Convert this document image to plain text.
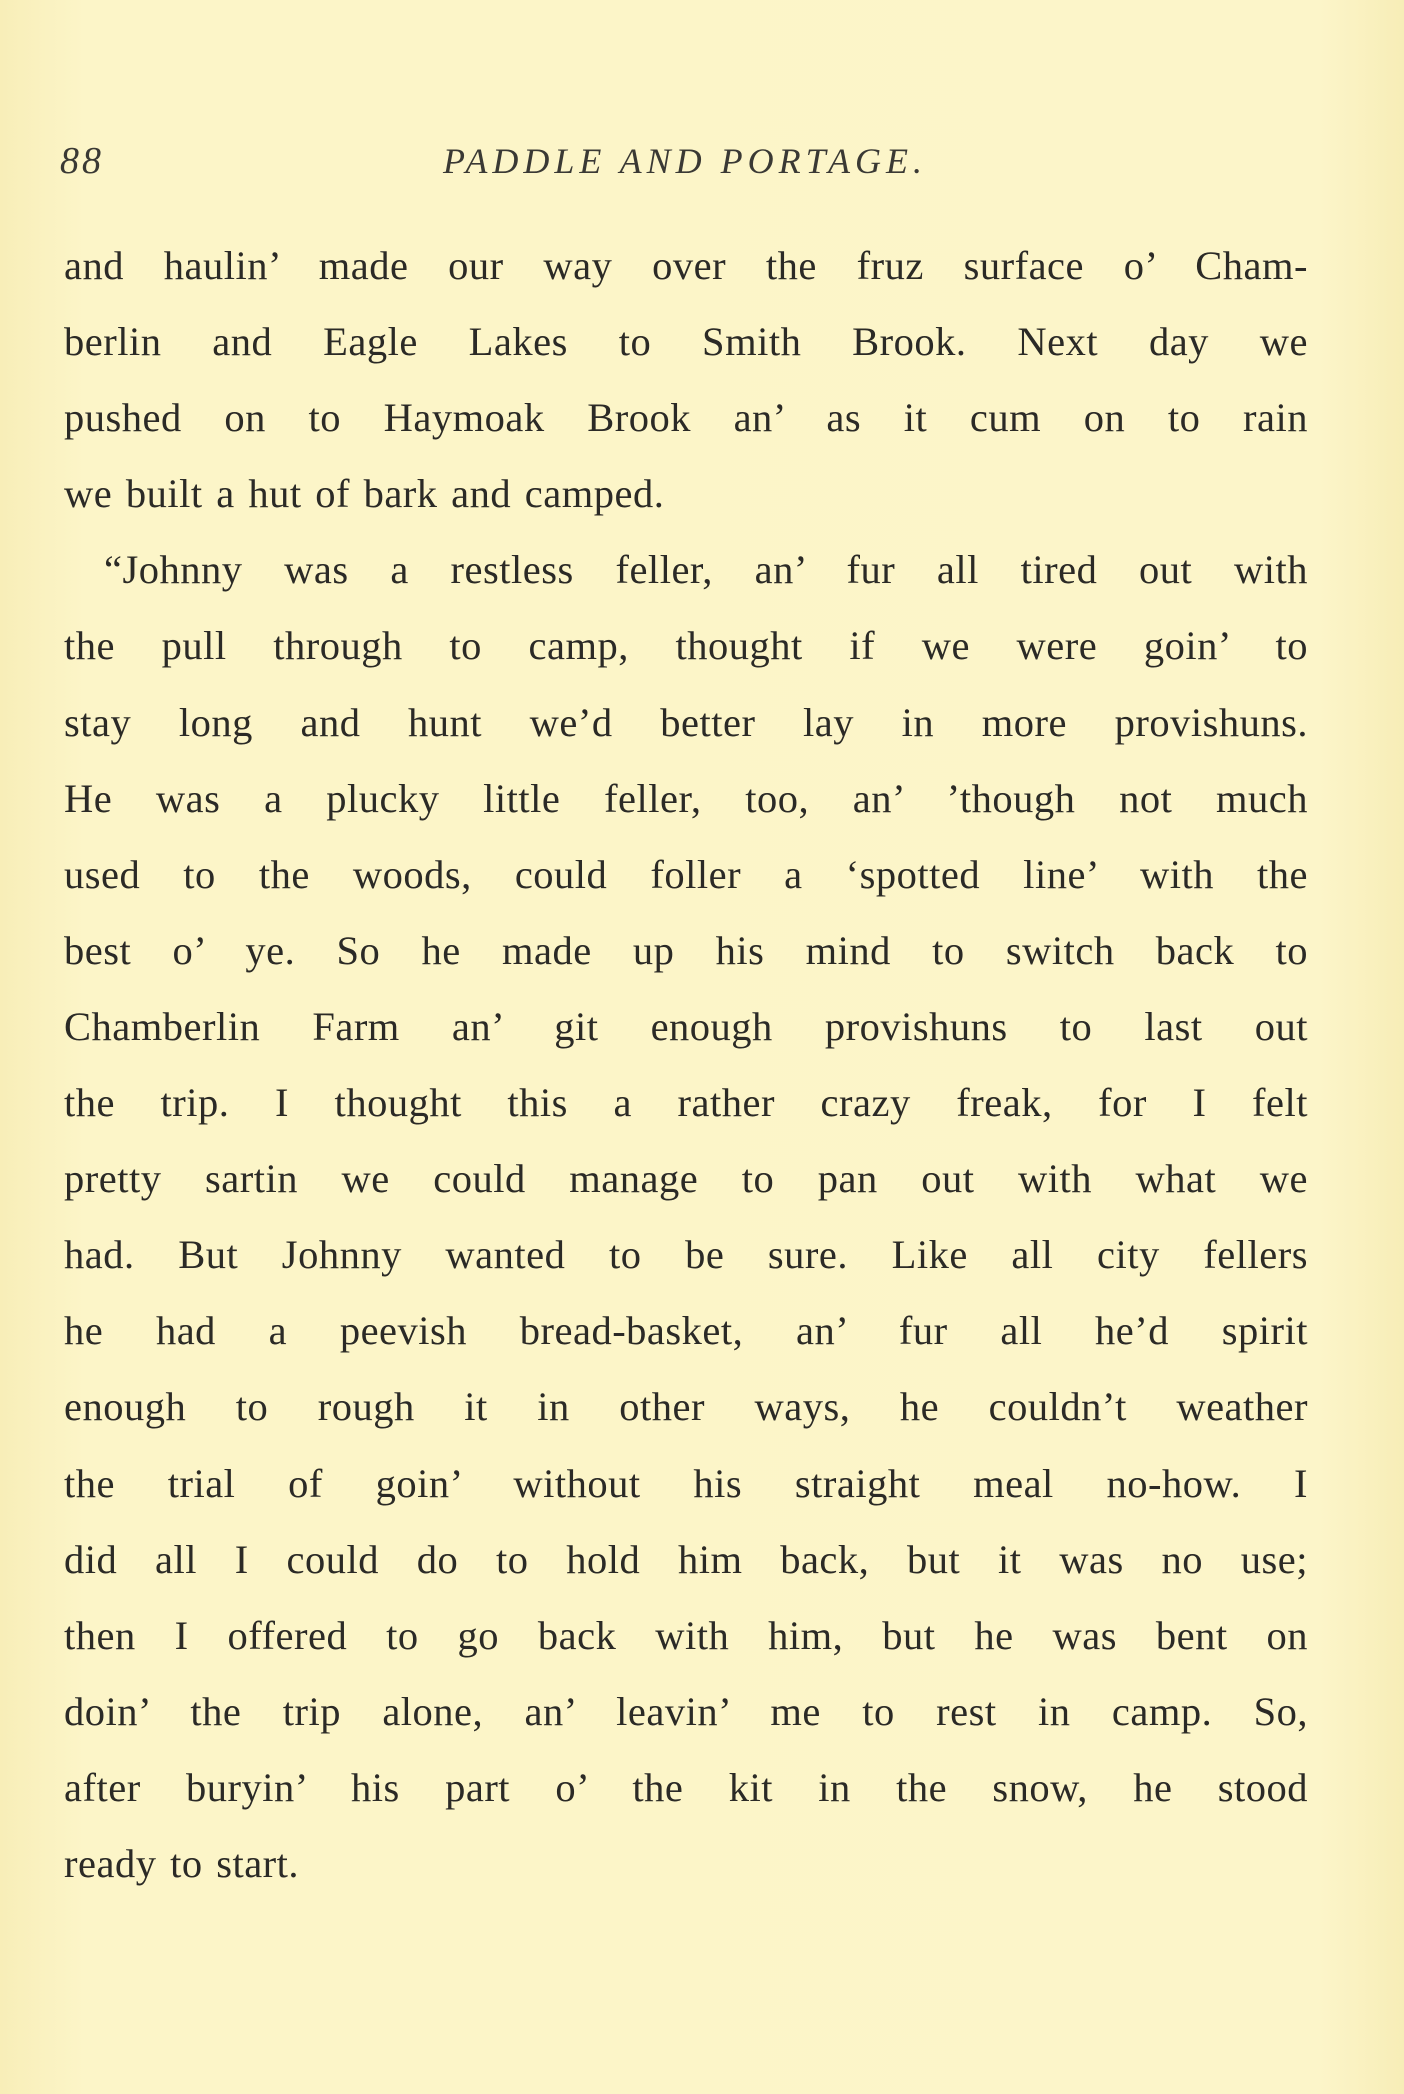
88	PADDLE AND PORTAGE.
and haulin’ made our way over the fruz surface o’ Cham-
berlin and Eagle Lakes to Smith Brook. Next day we
pushed on to Haymoak Brook an’ as it cum on to rain
we built a hut of bark and camped.
“Johnny was a restless feller, an’ fur all tired out with
the pull through to camp, thought if we were goin’ to
stay long and hunt we’d better lay in more provishuns.
He was a plucky little feller, too, an’ ’though not much
used to the woods, could foller a ‘spotted line’ with the
best o’ ye. So he made up his mind to switch back to
Chamberlin Farm an’ git enough provishuns to last out
the trip. I thought this a rather crazy freak, for I felt
pretty sartin we could manage to pan out with what we
had. But Johnny wanted to be sure. Like all city fellers
he had a peevish bread-basket, an’ fur all he’d spirit
enough to rough it in other ways, he couldn’t weather
the trial of goin’ without his straight meal no-how. I
did all I could do to hold him back, but it was no use;
then I offered to go back with him, but he was bent on
doin’ the trip alone, an’ leavin’ me to rest in camp. So,
after buryin’ his part o’ the kit in the snow, he stood
ready to start.
